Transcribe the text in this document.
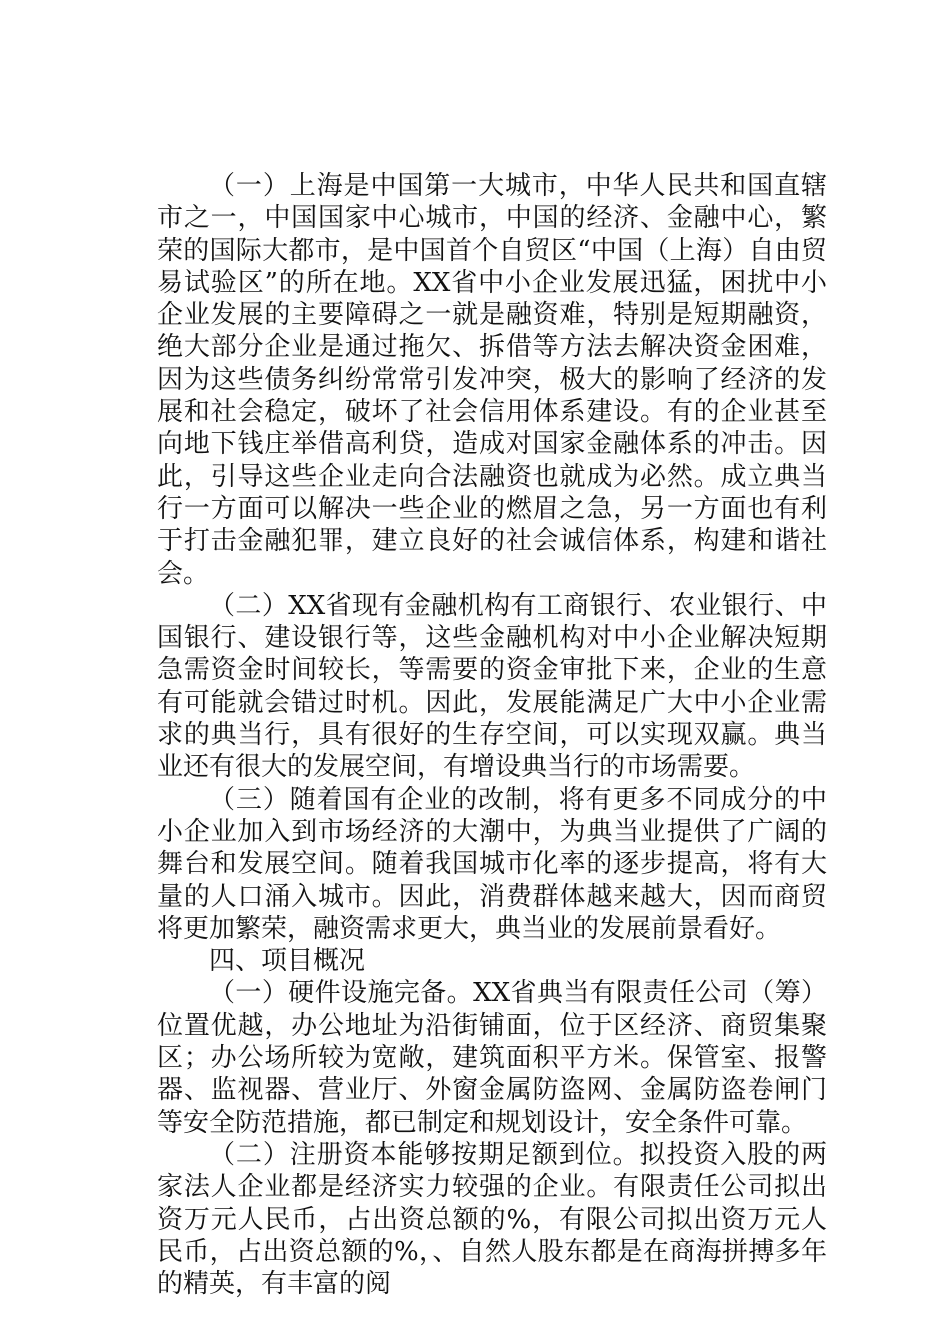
（一）上海是中国第一大城市，中华人民共和国直辖市之一，中国国家中心城市，中国的经济、金融中心，繁荣的国际大都市，是中国首个自贸区“中国（上海）自由贸易试验区”的所在地。XX省中小企业发展迅猛，困扰中小企业发展的主要障碍之一就是融资难，特别是短期融资，绝大部分企业是通过拖欠、拆借等方法去解决资金困难，因为这些债务纠纷常常引发冲突，极大的影响了经济的发展和社会稳定，破坏了社会信用体系建设。有的企业甚至向地下钱庄举借高利贷，造成对国家金融体系的冲击。因此，引导这些企业走向合法融资也就成为必然。成立典当行一方面可以解决一些企业的燃眉之急，另一方面也有利于打击金融犯罪，建立良好的社会诚信体系，构建和谐社会。

（二）XX省现有金融机构有工商银行、农业银行、中国银行、建设银行等，这些金融机构对中小企业解决短期急需资金时间较长，等需要的资金审批下来，企业的生意有可能就会错过时机。因此，发展能满足广大中小企业需求的典当行，具有很好的生存空间，可以实现双赢。典当业还有很大的发展空间，有增设典当行的市场需要。

（三）随着国有企业的改制，将有更多不同成分的中小企业加入到市场经济的大潮中，为典当业提供了广阔的舞台和发展空间。随着我国城市化率的逐步提高，将有大量的人口涌入城市。因此，消费群体越来越大，因而商贸将更加繁荣，融资需求更大，典当业的发展前景看好。

四、项目概况

（一）硬件设施完备。XX省典当有限责任公司（筹）位置优越，办公地址为沿街铺面，位于区经济、商贸集聚区；办公场所较为宽敞，建筑面积平方米。保管室、报警器、监视器、营业厅、外窗金属防盗网、金属防盗卷闸门等安全防范措施，都已制定和规划设计，安全条件可靠。

（二）注册资本能够按期足额到位。拟投资入股的两家法人企业都是经济实力较强的企业。有限责任公司拟出资万元人民币，占出资总额的%，有限公司拟出资万元人民币，占出资总额的%，、自然人股东都是在商海拼搏多年的精英，有丰富的阅
